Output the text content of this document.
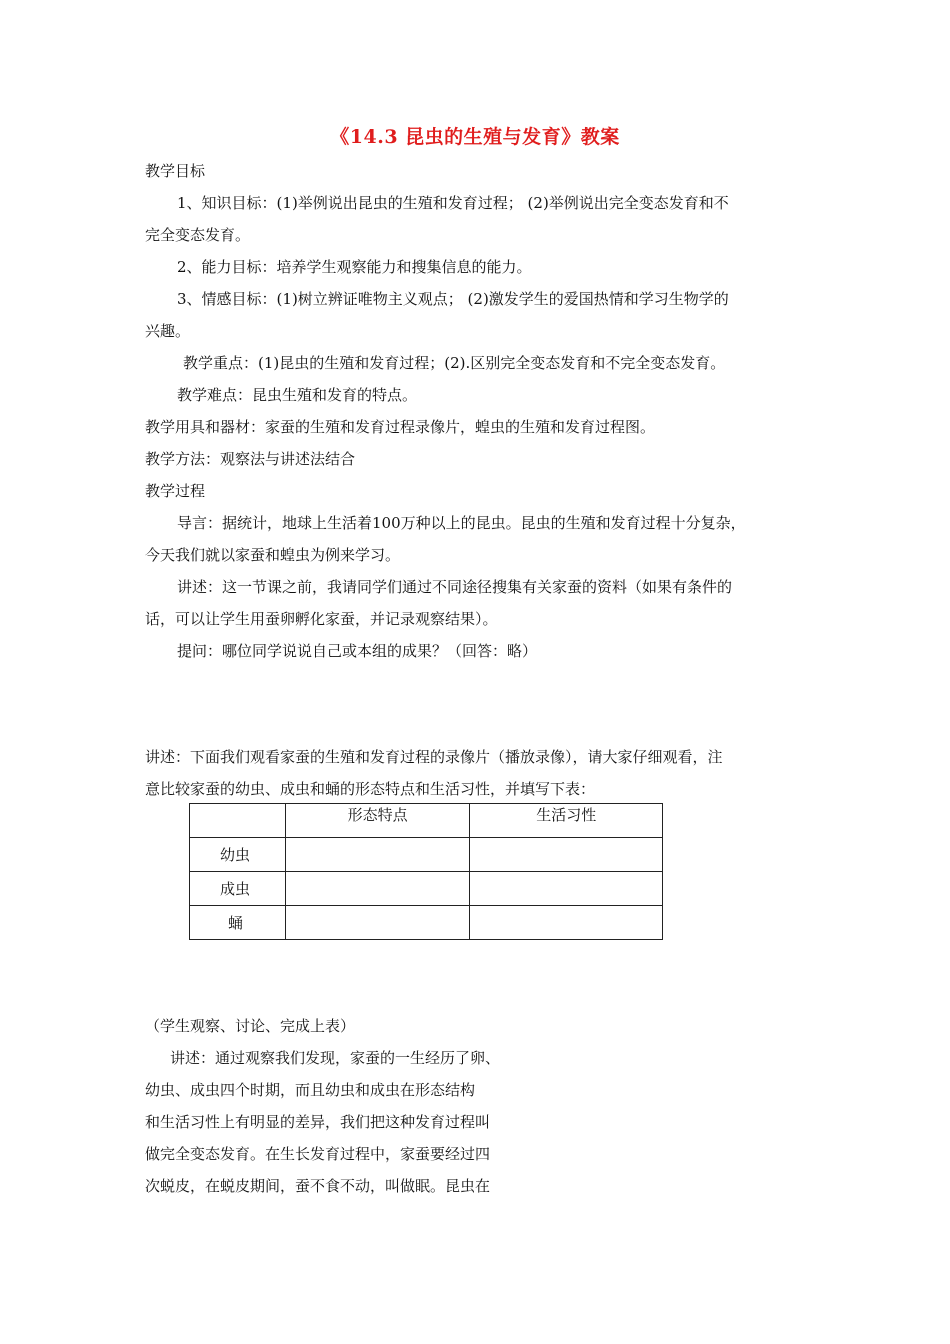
《14.3 昆虫的生殖与发育》教案
教学目标
1、知识目标：(1)举例说出昆虫的生殖和发育过程； (2)举例说出完全变态发育和不
完全变态发育。
2、能力目标：培养学生观察能力和搜集信息的能力。
3、情感目标：(1)树立辨证唯物主义观点； (2)激发学生的爱国热情和学习生物学的
兴趣。
教学重点：(1)昆虫的生殖和发育过程；(2).区别完全变态发育和不完全变态发育。
教学难点：昆虫生殖和发育的特点。
教学用具和器材：家蚕的生殖和发育过程录像片，蝗虫的生殖和发育过程图。
教学方法：观察法与讲述法结合
教学过程
导言：据统计，地球上生活着100万种以上的昆虫。昆虫的生殖和发育过程十分复杂，
今天我们就以家蚕和蝗虫为例来学习。
讲述：这一节课之前，我请同学们通过不同途径搜集有关家蚕的资料（如果有条件的
话，可以让学生用蚕卵孵化家蚕，并记录观察结果）。
提问：哪位同学说说自己或本组的成果？（回答：略）
讲述：下面我们观看家蚕的生殖和发育过程的录像片（播放录像），请大家仔细观看，注
意比较家蚕的幼虫、成虫和蛹的形态特点和生活习性，并填写下表：
	形态特点	生活习性
幼虫		
成虫		
蛹		
（学生观察、讨论、完成上表）
讲述：通过观察我们发现，家蚕的一生经历了卵、
幼虫、成虫四个时期，而且幼虫和成虫在形态结构
和生活习性上有明显的差异，我们把这种发育过程叫
做完全变态发育。在生长发育过程中，家蚕要经过四
次蜕皮，在蜕皮期间，蚕不食不动，叫做眠。昆虫在
